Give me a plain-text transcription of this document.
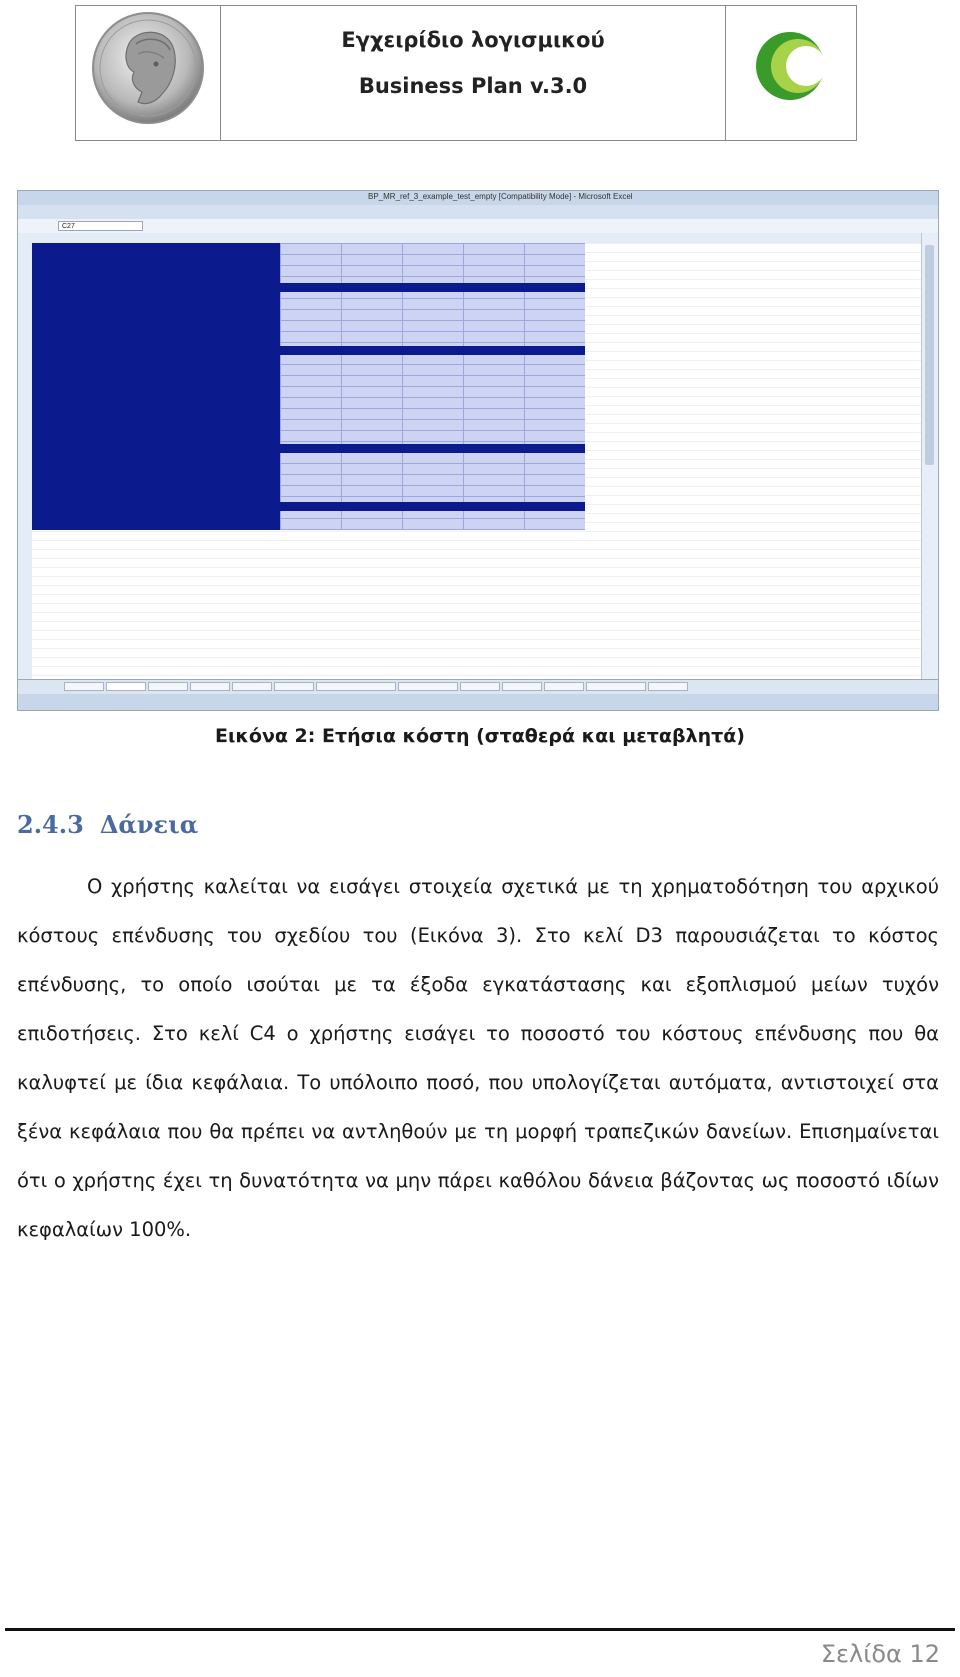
Εγχειρίδιο λογισμικού
Business Plan v.3.0
BP_MR_ref_3_example_test_empty [Compatibility Mode] - Microsoft Excel
C27
Εικόνα 2: Ετήσια κόστη (σταθερά και μεταβλητά)
2.4.3 Δάνεια

Ο χρήστης καλείται να εισάγει στοιχεία σχετικά με τη χρηματοδότηση του αρχικού κόστους επένδυσης του σχεδίου του (Εικόνα 3). Στο κελί D3 παρουσιάζεται το κόστος επένδυσης, το οποίο ισούται με τα έξοδα εγκατάστασης και εξοπλισμού μείων τυχόν επιδοτήσεις. Στο κελί C4 ο χρήστης εισάγει το ποσοστό του κόστους επένδυσης που θα καλυφτεί με ίδια κεφάλαια. Το υπόλοιπο ποσό, που υπολογίζεται αυτόματα, αντιστοιχεί στα ξένα κεφάλαια που θα πρέπει να αντληθούν με τη μορφή τραπεζικών δανείων. Επισημαίνεται ότι ο χρήστης έχει τη δυνατότητα να μην πάρει καθόλου δάνεια βάζοντας ως ποσοστό ιδίων κεφαλαίων 100%.

Σελίδα 12
